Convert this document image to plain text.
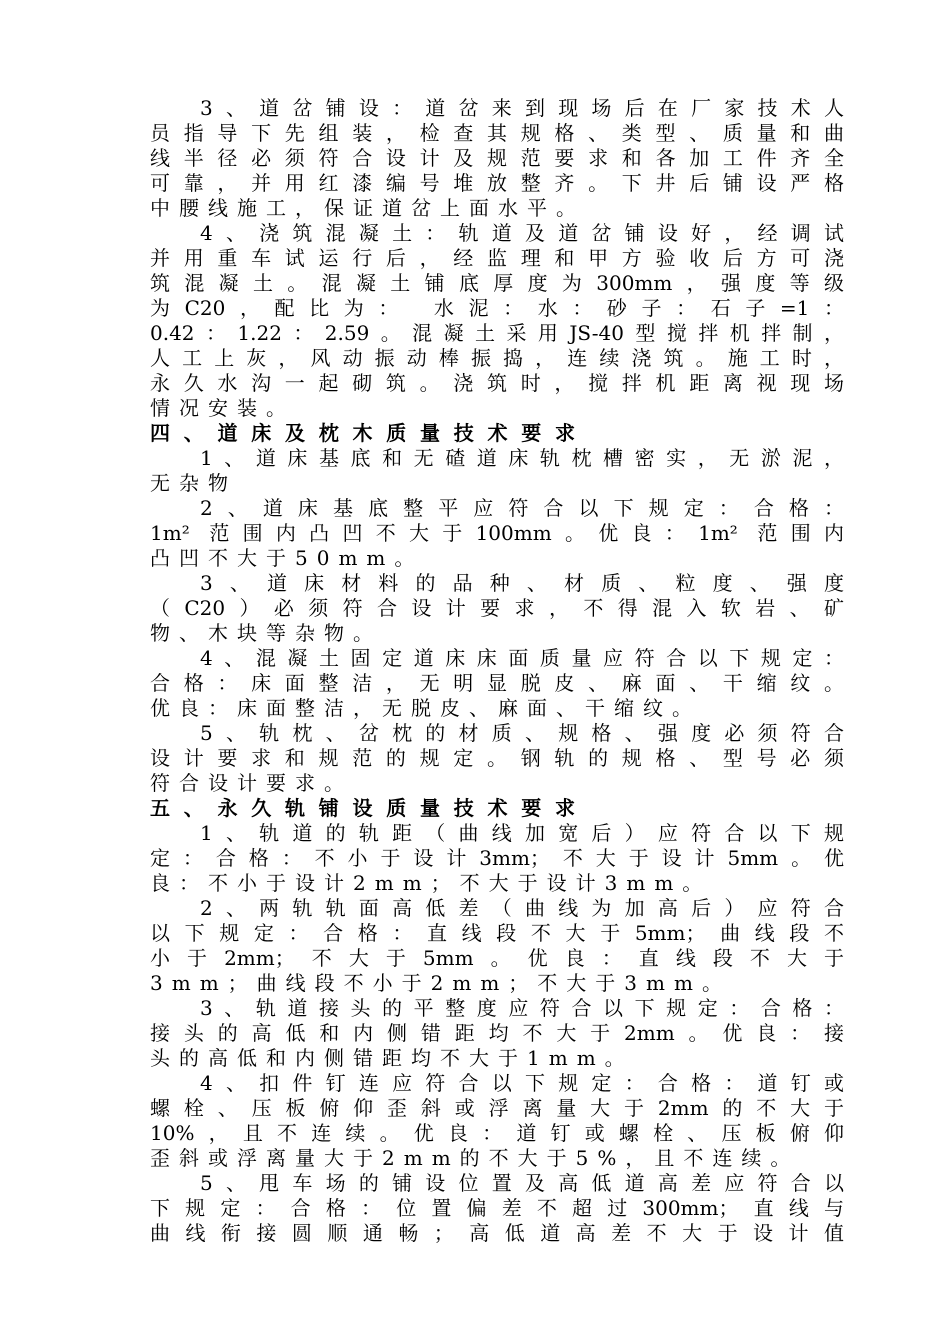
3、道岔铺设：道岔来到现场后在厂家技术人
员指导下先组装，检查其规格、类型、质量和曲
线半径必须符合设计及规范要求和各加工件齐全
可靠，并用红漆编号堆放整齐。下井后铺设严格
中腰线施工，保证道岔上面水平。
4、浇筑混凝土：轨道及道岔铺设好，经调试
并用重车试运行后，经监理和甲方验收后方可浇
筑混凝土。混凝土铺底厚度为300mm，强度等级
为C20，配比为： 水泥：水：砂子：石子=1：
0.42：1.22：2.59。混凝土采用JS-40型搅拌机拌制，
人工上灰，风动振动棒振捣，连续浇筑。施工时，
永久水沟一起砌筑。浇筑时，搅拌机距离视现场
情况安装。
四、道床及枕木质量技术要求
1、道床基底和无碴道床轨枕槽密实，无淤泥，
无杂物
2、道床基底整平应符合以下规定：合格：
1m² 范围内凸凹不大于100mm。优良：1m² 范围内
凸凹不大于50mm。
3、道床材料的品种、材质、粒度、强度
（C20）必须符合设计要求，不得混入软岩、矿
物、木块等杂物。
4、混凝土固定道床床面质量应符合以下规定：
合格：床面整洁，无明显脱皮、麻面、干缩纹。
优良：床面整洁，无脱皮、麻面、干缩纹。
5、轨枕、岔枕的材质、规格、强度必须符合
设计要求和规范的规定。钢轨的规格、型号必须
符合设计要求。
五、永久轨铺设质量技术要求
1、轨道的轨距（曲线加宽后）应符合以下规
定：合格：不小于设计3mm；不大于设计5mm。优
良：不小于设计2mm；不大于设计3mm。
2、两轨轨面高低差（曲线为加高后）应符合
以下规定：合格：直线段不大于5mm；曲线段不
小于2mm；不大于5mm。优良：直线段不大于
3mm；曲线段不小于2mm；不大于3mm。
3、轨道接头的平整度应符合以下规定：合格：
接头的高低和内侧错距均不大于2mm。优良：接
头的高低和内侧错距均不大于1mm。
4、扣件钉连应符合以下规定：合格：道钉或
螺栓、压板俯仰歪斜或浮离量大于2mm的不大于
10%，且不连续。优良：道钉或螺栓、压板俯仰
歪斜或浮离量大于2mm的不大于5%，且不连续。
5、甩车场的铺设位置及高低道高差应符合以
下规定：合格：位置偏差不超过300mm；直线与
曲线衔接圆顺通畅；高低道高差不大于设计值
